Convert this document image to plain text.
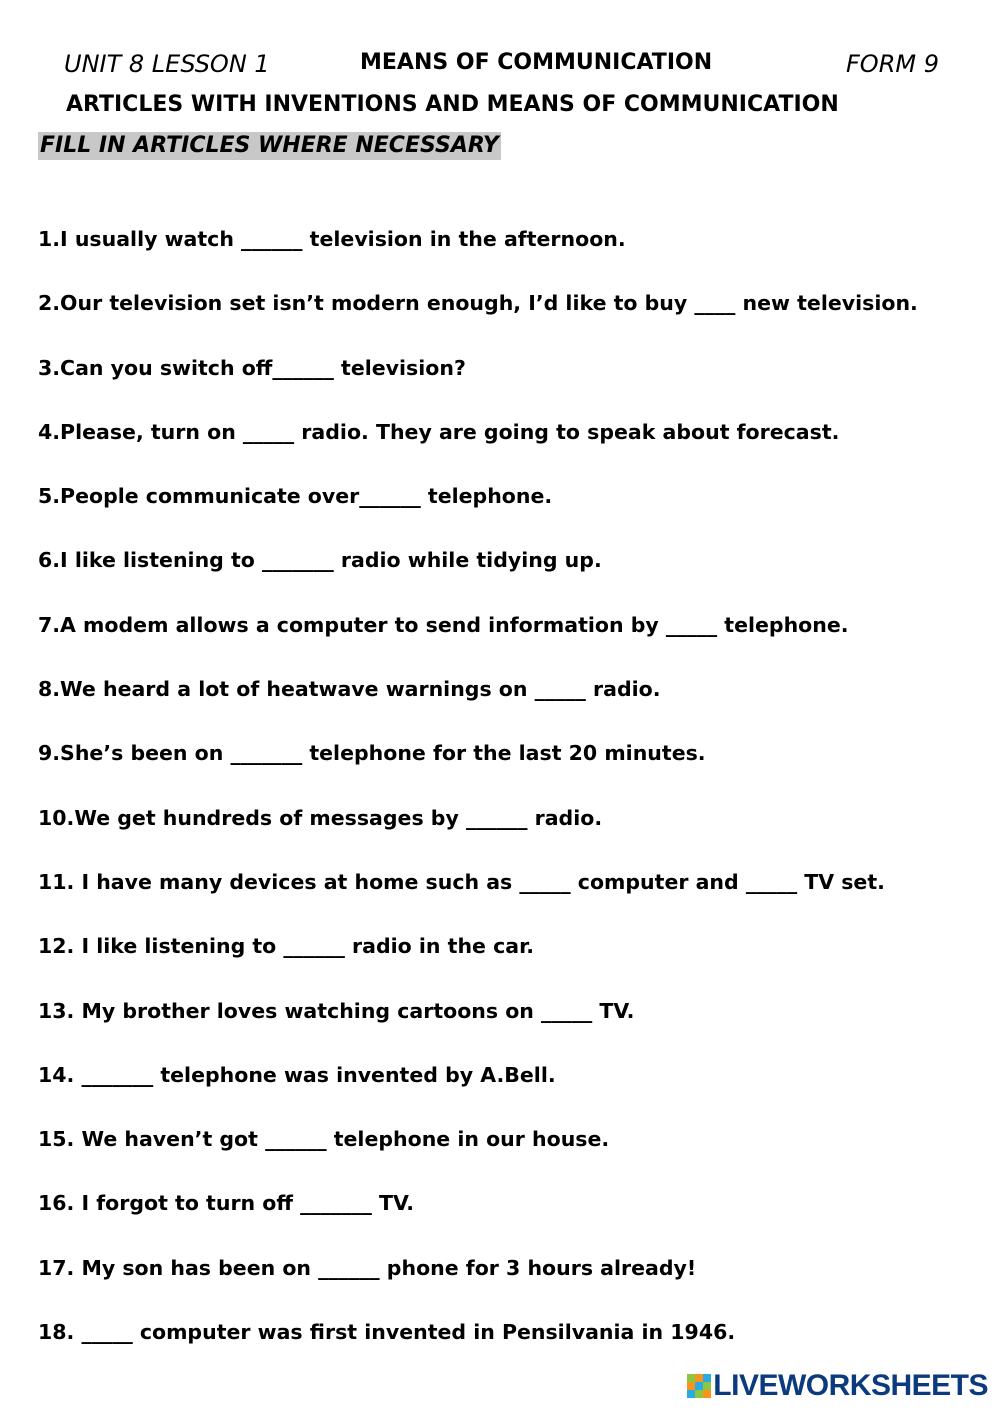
UNIT 8 LESSON 1	MEANS OF COMMUNICATION	FORM 9
ARTICLES WITH INVENTIONS AND MEANS OF COMMUNICATION
FILL IN ARTICLES WHERE NECESSARY
1.I usually watch ______ television in the afternoon.
2.Our television set isn’t modern enough, I’d like to buy ____ new television.
3.Can you switch off______ television?
4.Please, turn on _____ radio. They are going to speak about forecast.
5.People communicate over______ telephone.
6.I like listening to _______ radio while tidying up.
7.A modem allows a computer to send information by _____ telephone.
8.We heard a lot of heatwave warnings on _____ radio.
9.She’s been on _______ telephone for the last 20 minutes.
10.We get hundreds of messages by ______ radio.
11. I have many devices at home such as _____ computer and _____ TV set.
12. I like listening to ______ radio in the car.
13. My brother loves watching cartoons on _____ TV.
14. _______ telephone was invented by A.Bell.
15. We haven’t got ______ telephone in our house.
16. I forgot to turn off _______ TV.
17. My son has been on ______ phone for 3 hours already!
18. _____ computer was first invented in Pensilvania in 1946.
LIVEWORKSHEETS
